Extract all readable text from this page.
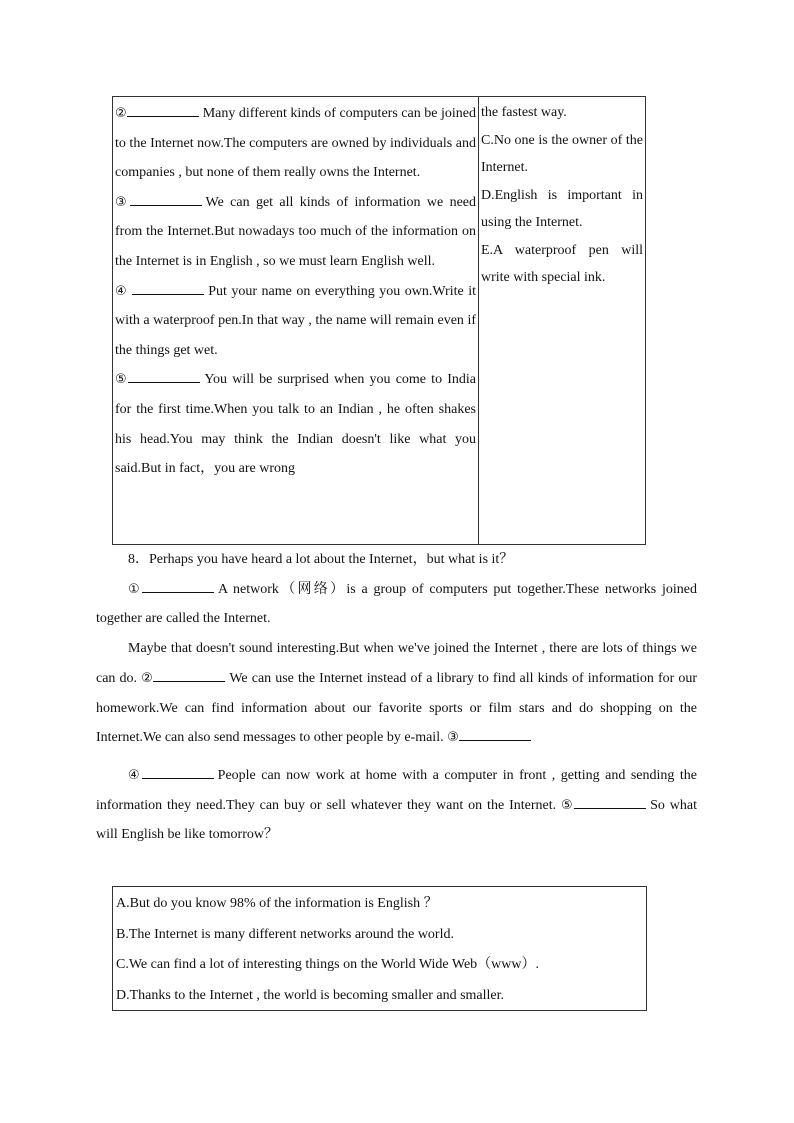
②	Many different kinds of computers can be joined to the Internet now.The computers are owned by individuals and companies , but none of them really owns the Internet.

③	We can get all kinds of information we need from the Internet.But nowadays too much of the information on the Internet is in English , so we must learn English well.

④	Put your name on everything you own.Write it with a waterproof pen.In that way , the name will remain even if the things get wet.

⑤	You will be surprised when you come to India for the first time.When you talk to an Indian , he often shakes his head.You may think the Indian doesn't like what you said.But in fact，you are wrong

the fastest way.

C.No one is the owner of the Internet.

D.English is important in using the Internet.

E.A waterproof pen will write with special ink.

8．Perhaps you have heard a lot about the Internet，but what is it？

①	A network（网络）is a group of computers put together.These networks joined together are called the Internet.

Maybe that doesn't sound interesting.But when we've joined the Internet , there are lots of things we can do. ②	We can use the Internet instead of a library to find all kinds of information for our homework.We can find information about our favorite sports or film stars and do shopping on the Internet.We can also send messages to other people by e-mail. ③

④	People can now work at home with a computer in front , getting and sending the information they need.They can buy or sell whatever they want on the Internet. ⑤	So what will English be like tomorrow？

A.But do you know 98% of the information is English ？

B.The Internet is many different networks around the world.

C.We can find a lot of interesting things on the World Wide Web（www）.

D.Thanks to the Internet , the world is becoming smaller and smaller.
